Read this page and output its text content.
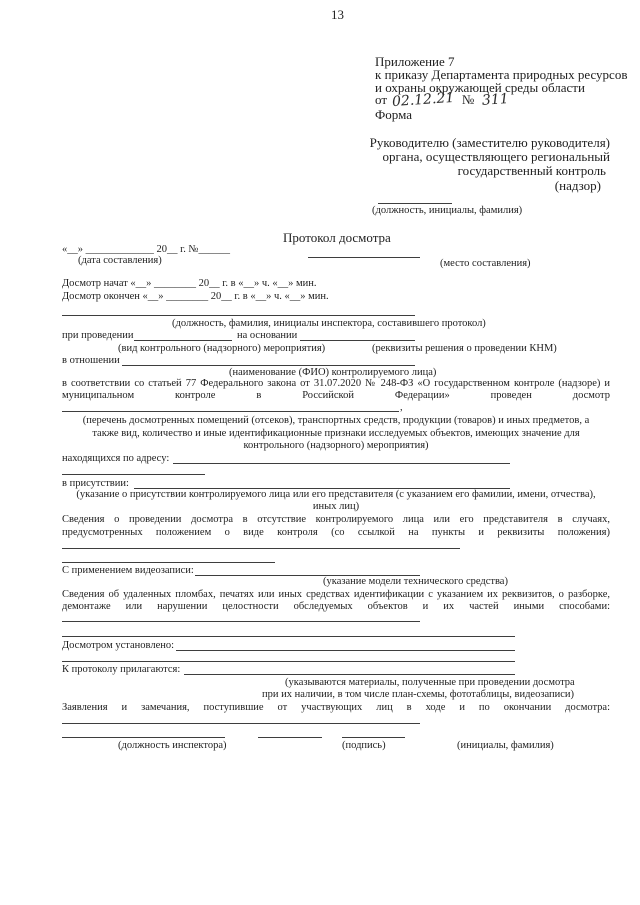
13
Приложение 7
к приказу Департамента природных ресурсов
и охраны окружающей среды области
от 02.12.21 № 311
Форма
Руководителю (заместителю руководителя)
органа, осуществляющего региональный
государственный контроль
(надзор)
(должность, инициалы, фамилия)
Протокол досмотра
«__» _____________ 20__ г. №______
(дата составления)	(место составления)
Досмотр начат «__» ________ 20__ г. в «__» ч. «__» мин.
Досмотр окончен «__» ________ 20__ г. в «__» ч. «__» мин.
(должность, фамилия, инициалы инспектора, составившего протокол)
при проведении	на основании
(вид контрольного (надзорного) мероприятия)	(реквизиты решения о проведении КНМ)
в отношении
(наименование (ФИО) контролируемого лица)
в соответствии со статьей 77 Федерального закона от 31.07.2020 № 248-ФЗ «О государственном контроле (надзоре) и
муниципальном контроле в Российской Федерации» проведен досмотр
,
(перечень досмотренных помещений (отсеков), транспортных средств, продукции (товаров) и иных предметов, а
также вид, количество и иные идентификационные признаки исследуемых объектов, имеющих значение для
контрольного (надзорного) мероприятия)
находящихся по адресу:
в присутствии:
(указание о присутствии контролируемого лица или его представителя (с указанием его фамилии, имени, отчества),
иных лиц)
Сведения о проведении досмотра в отсутствие контролируемого лица или его представителя в случаях,
предусмотренных положением о виде контроля (со ссылкой на пункты и реквизиты положения)
С применением видеозаписи:
(указание модели технического средства)
Сведения об удаленных пломбах, печатях или иных средствах идентификации с указанием их реквизитов, о разборке,
демонтаже или нарушении целостности обследуемых объектов и их частей иными способами:
Досмотром установлено:
К протоколу прилагаются:
(указываются материалы, полученные при проведении досмотра
при их наличии, в том числе план-схемы, фототаблицы, видеозаписи)
Заявления и замечания, поступившие от участвующих лиц в ходе и по окончании досмотра:
(должность инспектора)	(подпись)	(инициалы, фамилия)
